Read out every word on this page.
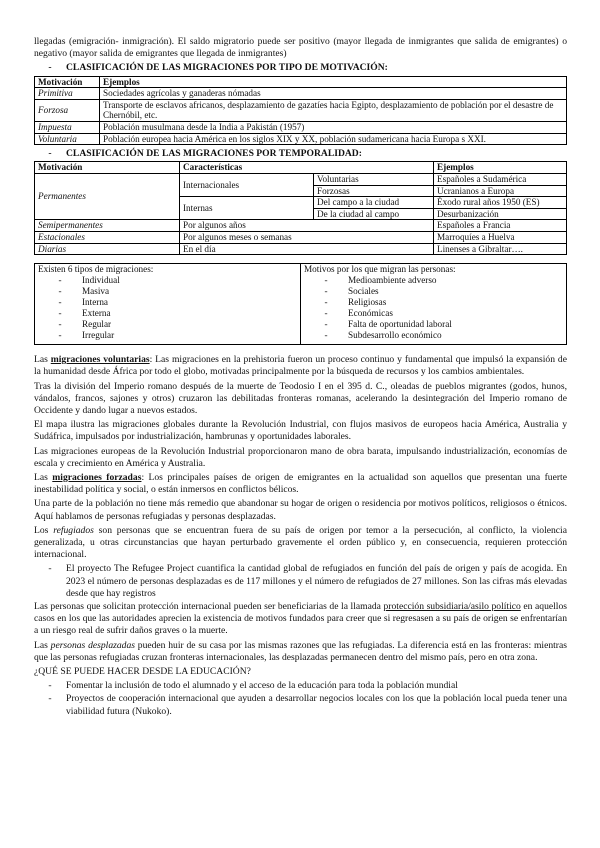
llegadas (emigración- inmigración). El saldo migratorio puede ser positivo (mayor llegada de inmigrantes que salida de emigrantes) o negativo (mayor salida de emigrantes que llegada de inmigrantes)

-	CLASIFICACIÓN DE LAS MIGRACIONES POR TIPO DE MOTIVACIÓN:
Motivación	Ejemplos
Primitiva	Sociedades agrícolas y ganaderas nómadas
Forzosa	Transporte de esclavos africanos, desplazamiento de gazatíes hacia Egipto, desplazamiento de población por el desastre de Chernóbil, etc.
Impuesta	Población musulmana desde la India a Pakistán (1957)
Voluntaria	Población europea hacia América en los siglos XIX y XX, población sudamericana hacia Europa s XXI.
-	CLASIFICACIÓN DE LAS MIGRACIONES POR TEMPORALIDAD:
Motivación	Características		Ejemplos
Permanentes	Internacionales	Voluntarias	Españoles a Sudamérica
		Forzosas	Ucranianos a Europa
	Internas	Del campo a la ciudad	Éxodo rural años 1950 (ES)
		De la ciudad al campo	Desurbanización
Semipermanentes	Por algunos años		Españoles a Francia
Estacionales	Por algunos meses o semanas		Marroquíes a Huelva
Diarias	En el día		Linenses a Gibraltar….
Existen 6 tipos de migraciones:
-	Individual
-	Masiva
-	Interna
-	Externa
-	Regular
-	Irregular
Motivos por los que migran las personas:
-	Medioambiente adverso
-	Sociales
-	Religiosas
-	Económicas
-	Falta de oportunidad laboral
-	Subdesarrollo económico

Las migraciones voluntarias: Las migraciones en la prehistoria fueron un proceso continuo y fundamental que impulsó la expansión de la humanidad desde África por todo el globo, motivadas principalmente por la búsqueda de recursos y los cambios ambientales.

Tras la división del Imperio romano después de la muerte de Teodosio I en el 395 d. C., oleadas de pueblos migrantes (godos, hunos, vándalos, francos, sajones y otros) cruzaron las debilitadas fronteras romanas, acelerando la desintegración del Imperio romano de Occidente y dando lugar a nuevos estados.

El mapa ilustra las migraciones globales durante la Revolución Industrial, con flujos masivos de europeos hacia América, Australia y Sudáfrica, impulsados por industrialización, hambrunas y oportunidades laborales.

Las migraciones europeas de la Revolución Industrial proporcionaron mano de obra barata, impulsando industrialización, economías de escala y crecimiento en América y Australia.

Las migraciones forzadas: Los principales países de origen de emigrantes en la actualidad son aquellos que presentan una fuerte inestabilidad política y social, o están inmersos en conflictos bélicos.

Una parte de la población no tiene más remedio que abandonar su hogar de origen o residencia por motivos políticos, religiosos o étnicos. Aquí hablamos de personas refugiadas y personas desplazadas.

Los refugiados son personas que se encuentran fuera de su país de origen por temor a la persecución, al conflicto, la violencia generalizada, u otras circunstancias que hayan perturbado gravemente el orden público y, en consecuencia, requieren protección internacional.

-	El proyecto The Refugee Project cuantifica la cantidad global de refugiados en función del país de origen y país de acogida. En 2023 el número de personas desplazadas es de 117 millones y el número de refugiados de 27 millones. Son las cifras más elevadas desde que hay registros

Las personas que solicitan protección internacional pueden ser beneficiarias de la llamada protección subsidiaria/asilo político en aquellos casos en los que las autoridades aprecien la existencia de motivos fundados para creer que si regresasen a su país de origen se enfrentarían a un riesgo real de sufrir daños graves o la muerte.

Las personas desplazadas pueden huir de su casa por las mismas razones que las refugiadas. La diferencia está en las fronteras: mientras que las personas refugiadas cruzan fronteras internacionales, las desplazadas permanecen dentro del mismo país, pero en otra zona.

¿QUÉ SE PUEDE HACER DESDE LA EDUCACIÓN?

-	Fomentar la inclusión de todo el alumnado y el acceso de la educación para toda la población mundial
-	Proyectos de cooperación internacional que ayuden a desarrollar negocios locales con los que la población local pueda tener una viabilidad futura (Nukoko).
